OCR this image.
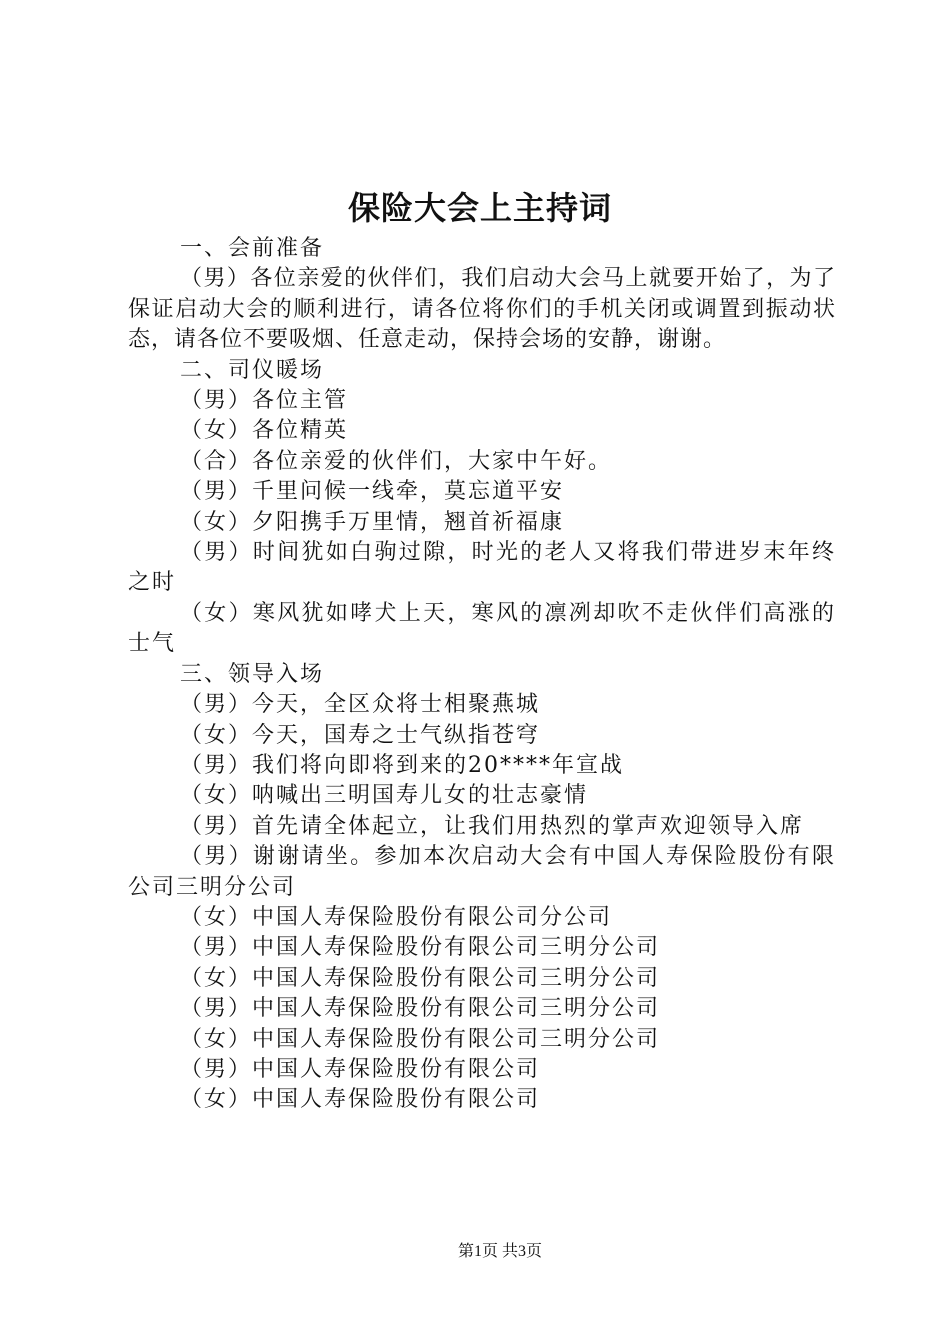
保险大会上主持词

一、会前准备

（男）各位亲爱的伙伴们，我们启动大会马上就要开始了，为了保证启动大会的顺利进行，请各位将你们的手机关闭或调置到振动状态，请各位不要吸烟、任意走动，保持会场的安静，谢谢。

二、司仪暖场

（男）各位主管

（女）各位精英

（合）各位亲爱的伙伴们，大家中午好。

（男）千里问候一线牵，莫忘道平安

（女）夕阳携手万里情，翘首祈福康

（男）时间犹如白驹过隙，时光的老人又将我们带进岁末年终之时

（女）寒风犹如哮犬上天，寒风的凛冽却吹不走伙伴们高涨的士气

三、领导入场

（男）今天，全区众将士相聚燕城

（女）今天，国寿之士气纵指苍穹

（男）我们将向即将到来的20****年宣战

（女）呐喊出三明国寿儿女的壮志豪情

（男）首先请全体起立，让我们用热烈的掌声欢迎领导入席

（男）谢谢请坐。参加本次启动大会有中国人寿保险股份有限公司三明分公司

（女）中国人寿保险股份有限公司分公司

（男）中国人寿保险股份有限公司三明分公司

（女）中国人寿保险股份有限公司三明分公司

（男）中国人寿保险股份有限公司三明分公司

（女）中国人寿保险股份有限公司三明分公司

（男）中国人寿保险股份有限公司

（女）中国人寿保险股份有限公司

第1页 共3页
